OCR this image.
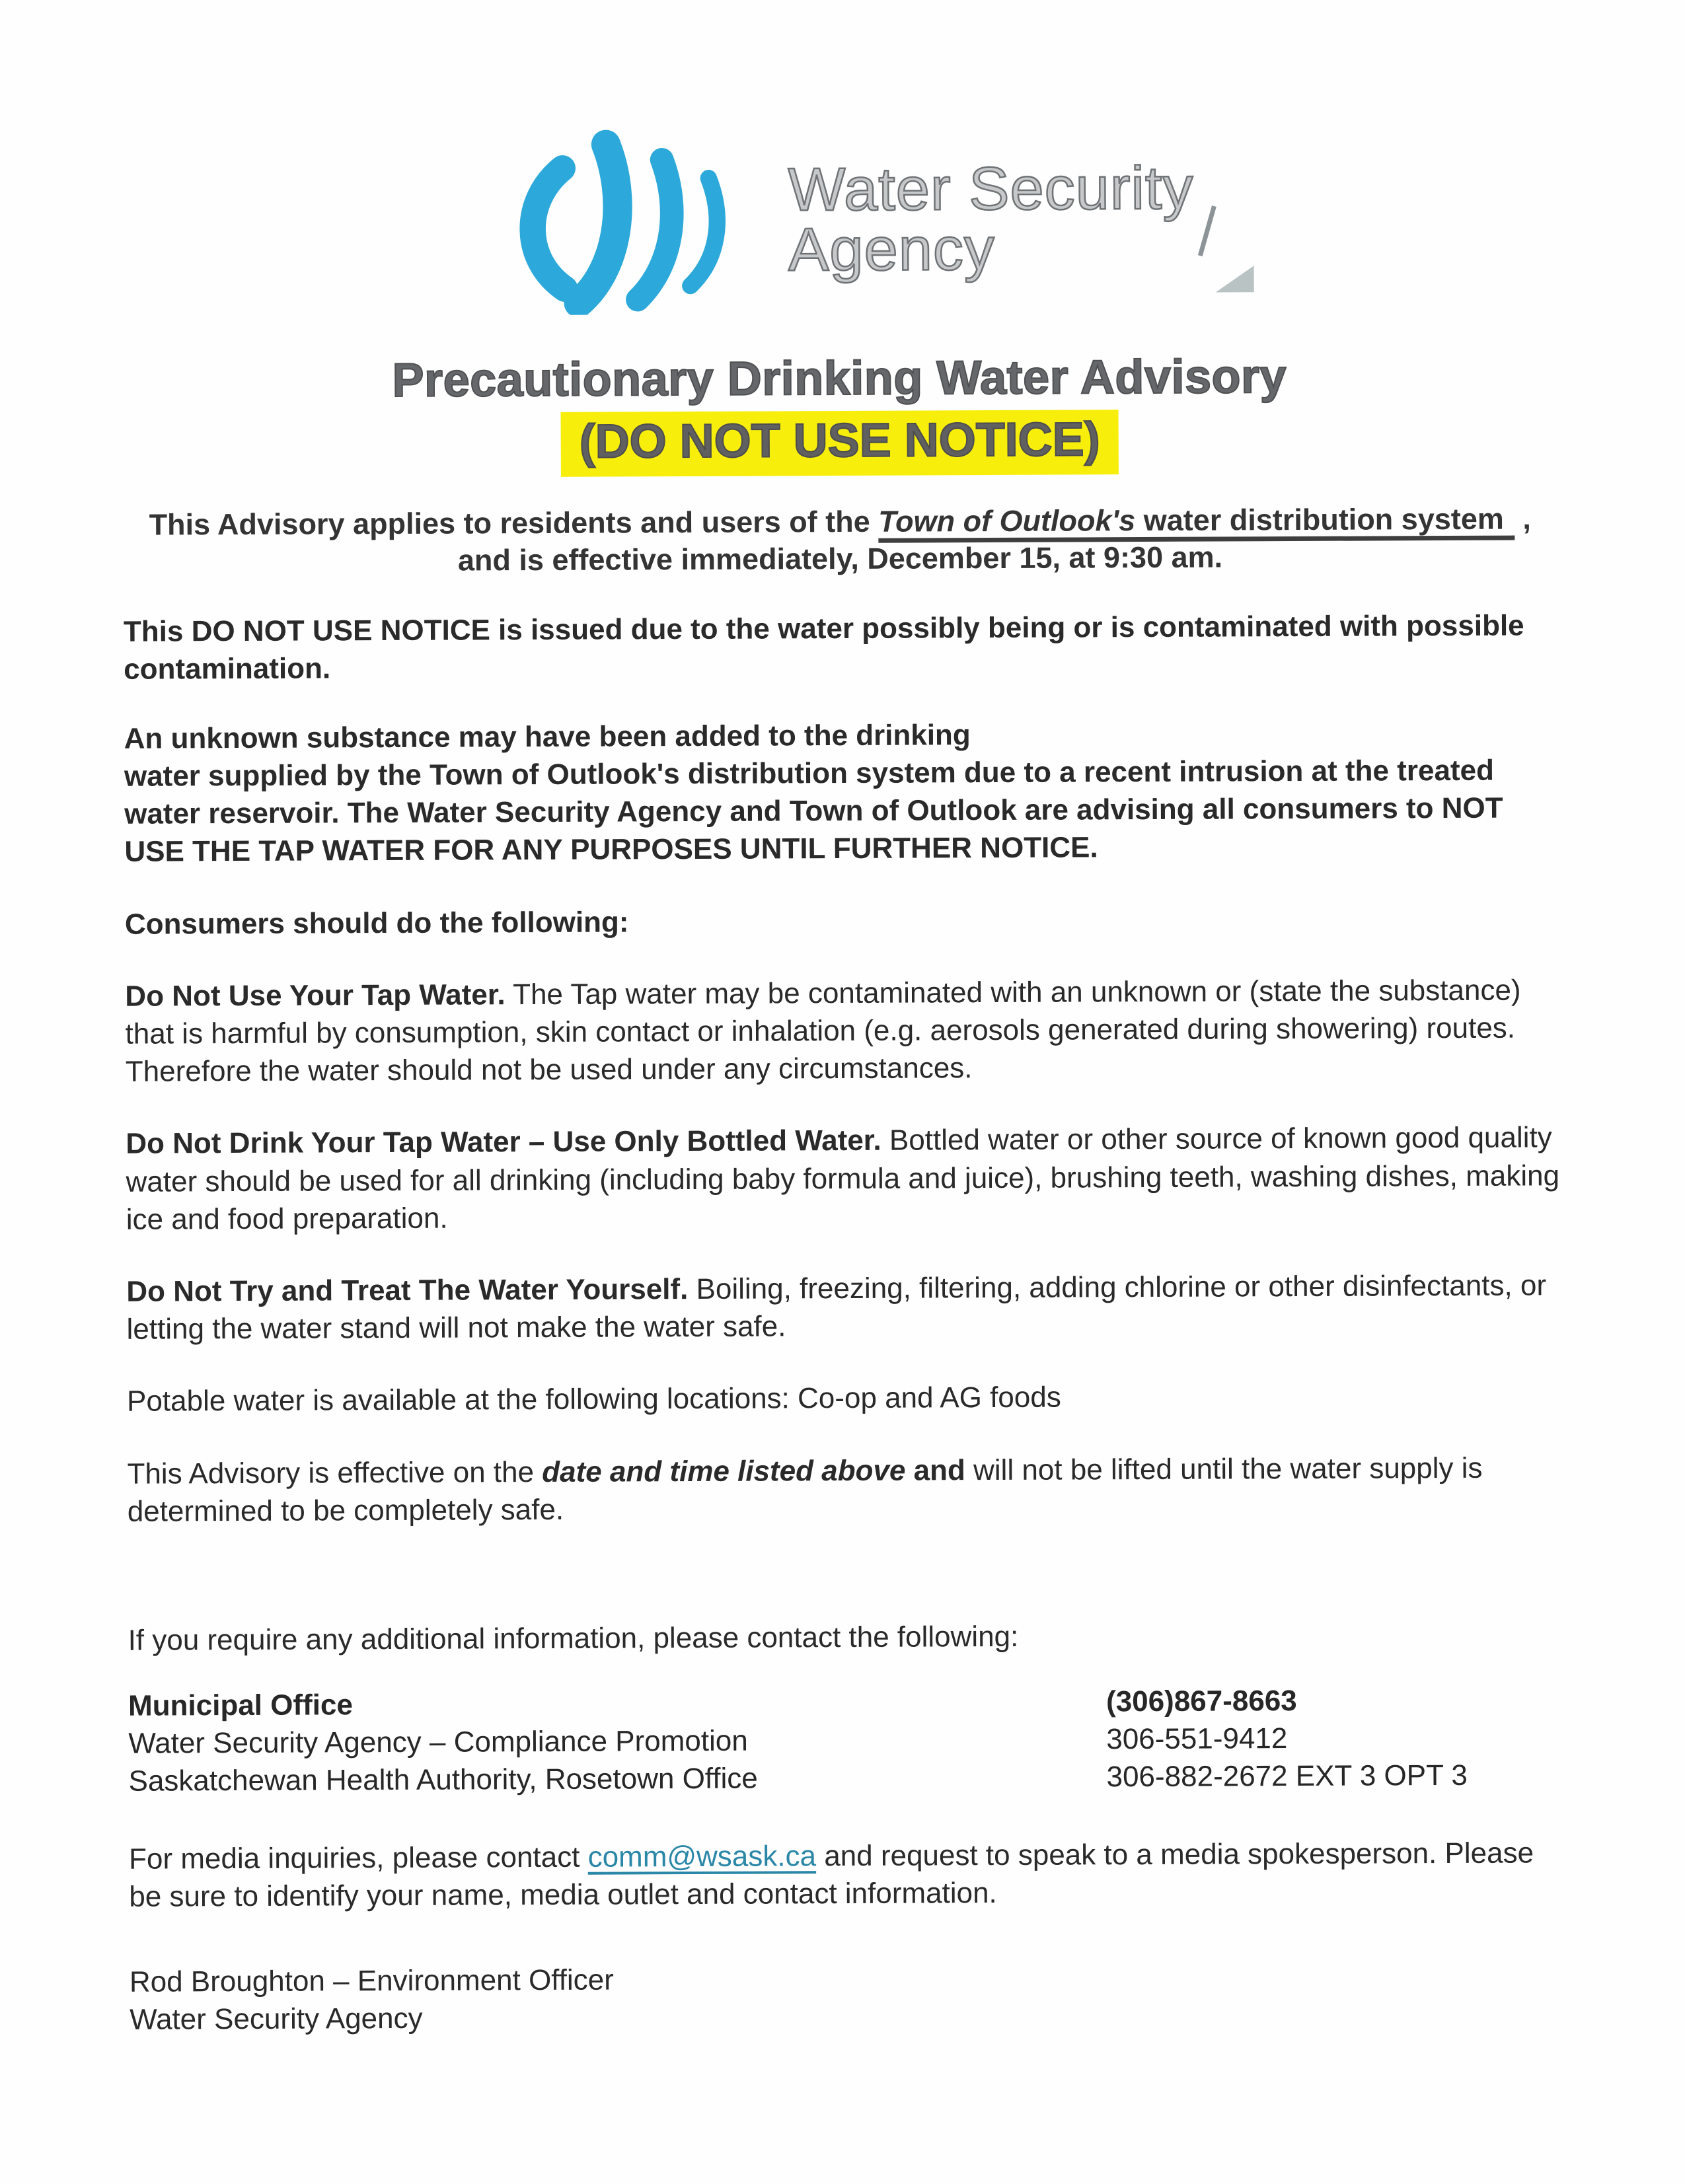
Water Security
Agency
Precautionary Drinking Water Advisory
(DO NOT USE NOTICE)
This Advisory applies to residents and users of the Town of Outlook's water distribution system ,
and is effective immediately, December 15, at 9:30 am.
This DO NOT USE NOTICE is issued due to the water possibly being or is contaminated with possible contamination.
An unknown substance may have been added to the drinking
water supplied by the Town of Outlook's distribution system due to a recent intrusion at the treated water reservoir. The Water Security Agency and Town of Outlook are advising all consumers to NOT USE THE TAP WATER FOR ANY PURPOSES UNTIL FURTHER NOTICE.
Consumers should do the following:
Do Not Use Your Tap Water. The Tap water may be contaminated with an unknown or (state the substance) that is harmful by consumption, skin contact or inhalation (e.g. aerosols generated during showering) routes. Therefore the water should not be used under any circumstances.
Do Not Drink Your Tap Water – Use Only Bottled Water. Bottled water or other source of known good quality water should be used for all drinking (including baby formula and juice), brushing teeth, washing dishes, making ice and food preparation.
Do Not Try and Treat The Water Yourself. Boiling, freezing, filtering, adding chlorine or other disinfectants, or letting the water stand will not make the water safe.
Potable water is available at the following locations: Co-op and AG foods
This Advisory is effective on the date and time listed above and will not be lifted until the water supply is determined to be completely safe.
If you require any additional information, please contact the following:
Municipal Office	(306)867-8663
Water Security Agency – Compliance Promotion	306-551-9412
Saskatchewan Health Authority, Rosetown Office	306-882-2672 EXT 3 OPT 3
For media inquiries, please contact comm@wsask.ca and request to speak to a media spokesperson. Please be sure to identify your name, media outlet and contact information.
Rod Broughton – Environment Officer
Water Security Agency
